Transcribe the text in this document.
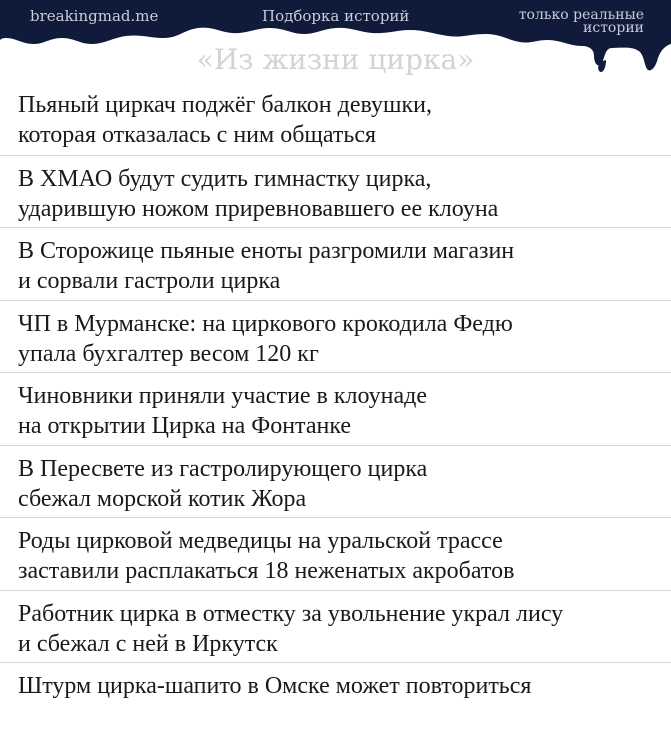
breakingmad.me	Подборка историй	только реальные истории
«Из жизни цирка»
Пьяный циркач поджёг балкон девушки,
которая отказалась с ним общаться
В ХМАО будут судить гимнастку цирка,
ударившую ножом приревновавшего ее клоуна
В Сторожице пьяные еноты разгромили магазин
и сорвали гастроли цирка
ЧП в Мурманске: на циркового крокодила Федю
упала бухгалтер весом 120 кг
Чиновники приняли участие в клоунаде
на открытии Цирка на Фонтанке
В Пересвете из гастролирующего цирка
сбежал морской котик Жора
Роды цирковой медведицы на уральской трассе
заставили расплакаться 18 неженатых акробатов
Работник цирка в отместку за увольнение украл лису
и сбежал с ней в Иркутск
Штурм цирка-шапито в Омске может повториться
